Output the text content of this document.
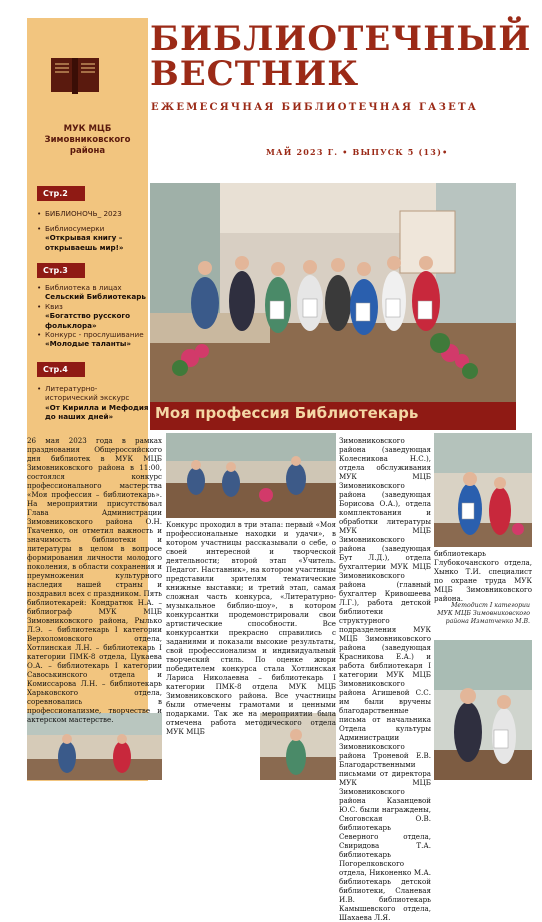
МУК МЦБ Зимовниковского района
Стр.2
• БИБЛИОНОЧЬ_ 2023
• Библиосумерки
«Открывая книгу – открываешь мир!»
Стр.3
• Библиотека в лицах
Сельский Библиотекарь
• Квиз
«Богатство русского фольклора»
• Конкурс - прослушивание
«Молодые таланты»
Стр.4
• Литературно-исторический экскурс
«От Кирилла и Мефодия до наших дней»
БИБЛИОТЕЧНЫЙ
ВЕСТНИК
ЕЖЕМЕСЯЧНАЯ БИБЛИОТЕЧНАЯ ГАЗЕТА
МАЙ 2023 Г. • ВЫПУСК 5 (13)•
Моя профессия Библиотекарь
26 мая 2023 года в рамках празднования Общероссийского дня библиотек в МУК МЦБ Зимовниковского района в 11:00, состоялся конкурс профессионального мастерства «Моя профессия – библиотекарь». На мероприятии присутствовал Глава Администрации Зимовниковского района О.Н. Ткаченко, он отметил важность и значимость библиотеки и литературы в целом в вопросе формирования личности молодого поколения, в области сохранения и преумножения культурного наследия нашей страны и поздравил всех с праздником. Пять библиотекарей: Кондратюк Н.А. – библиограф МУК МЦБ Зимовниковского района, Рылько Л.Э. – библиотекарь I категории Верхоломовского отдела, Хотлинская Л.Н. – библиотекарь I категории ПМК-8 отдела, Цукаева О.А. – библиотекарь I категории Савоськинского отдела и Комиссарова Л.Н. – библиотекарь Харьковского отдела, соревновались в профессионализме, творчестве и актерском мастерстве.
Конкурс проходил в три этапа: первый «Моя профессиональные находки и удачи», в котором участницы рассказывали о себе, о своей интересной и творческой деятельности; второй этап «Учитель. Педагог. Наставник», на котором участницы представили зрителям тематические книжные выставки; и третий этап, самая сложная часть конкурса, «Литературно-музыкальное библио-шоу», в котором конкурсантки продемонстрировали свои артистические способности. Все конкурсантки прекрасно справились с заданиями и показали высокие результаты, свой профессионализм и индивидуальный творческий стиль. По оценке жюри победителем конкурса стала Хотлинская Лариса Николаевна – библиотекарь I категории ПМК-8 отдела МУК МЦБ Зимовниковского района. Все участницы были отмечены грамотами и ценными подарками. Так же на мероприятии была отмечена работа методического отдела МУК МЦБ
Зимовниковского района (заведующая Колесникова Н.С.), отдела обслуживания МУК МЦБ Зимовниковского района (заведующая Борисова О.А.), отдела комплектования и обработки литературы МУК МЦБ Зимовниковского района (заведующая Бут Л.Д.), отдела бухгалтерии МУК МЦБ Зимовниковского района (главный бухгалтер Кривошеева Л.Г.), работа детской библиотеки структурного подразделения МУК МЦБ Зимовниковского района (заведующая Красникова Е.А.) и работа библиотекаря I категории МУК МЦБ Зимовниковского района Агишевой С.С. им были вручены благодарственные письма от начальника Отдела культуры Администрации Зимовниковского района Троневой Е.В. Благодарственными письмами от директора МУК МЦБ Зимовниковского района Казанцевой Ю.С. были награждены, Сноговская О.В. библиотекарь Северного отдела, Свиридова Т.А. библиотекарь Погорелковского отдела, Никоненко М.А. библиотекарь детской библиотеки, Сланевая И.В. библиотекарь Камышевского отдела, Шахаева Л.Я.
библиотекарь Глубокочанского отдела, Хынко Т.И. специалист по охране труда МУК МЦБ Зимовниковского района.
Методист I категории МУК МЦБ Зимовниковского района Изматченко М.В.
